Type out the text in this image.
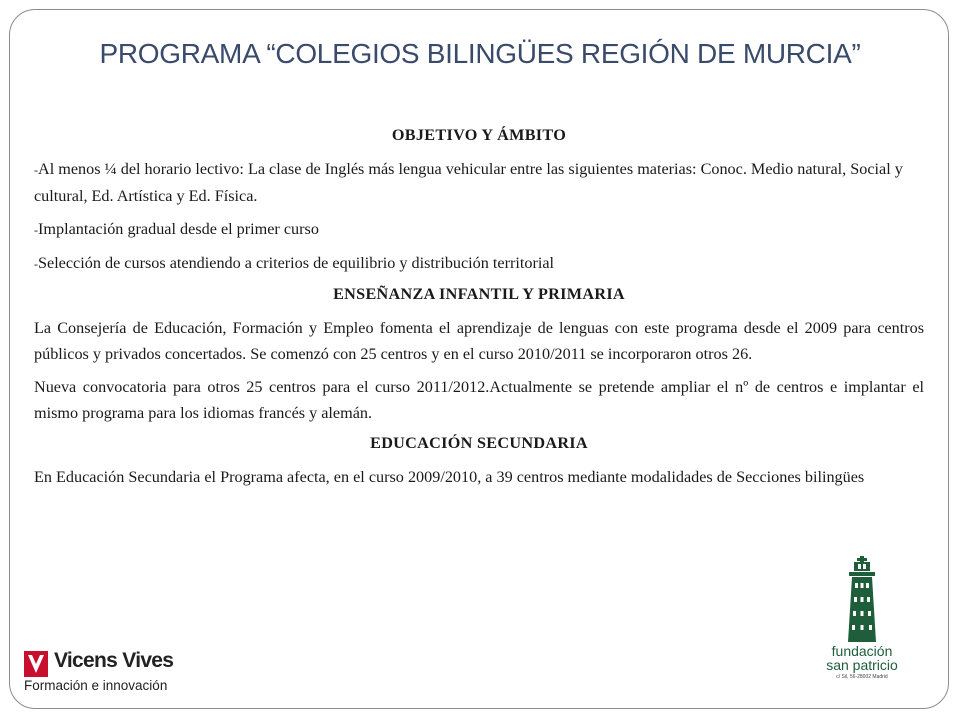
PROGRAMA “COLEGIOS BILINGÜES REGIÓN DE MURCIA”

OBJETIVO Y ÁMBITO

-Al menos ¼ del horario lectivo: La clase de Inglés más lengua vehicular entre las siguientes materias: Conoc. Medio natural, Social y cultural, Ed. Artística y Ed. Física.

-Implantación gradual desde el primer curso

-Selección de cursos atendiendo a criterios de equilibrio y distribución territorial

ENSEÑANZA INFANTIL Y PRIMARIA

La Consejería de Educación, Formación y Empleo fomenta el aprendizaje de lenguas con este programa desde el 2009 para centros públicos y privados concertados. Se comenzó con 25 centros y en el curso 2010/2011 se incorporaron otros 26.

Nueva convocatoria para otros 25 centros para el curso 2011/2012.Actualmente se pretende ampliar el nº de centros e implantar el mismo programa para los idiomas francés y alemán.

EDUCACIÓN SECUNDARIA

En Educación Secundaria el Programa afecta, en el curso 2009/2010, a 39 centros mediante modalidades de Secciones bilingües

Vicens Vives
Formación e innovación
fundación
san patricio
c/ Sil, 56-28002 Madrid
